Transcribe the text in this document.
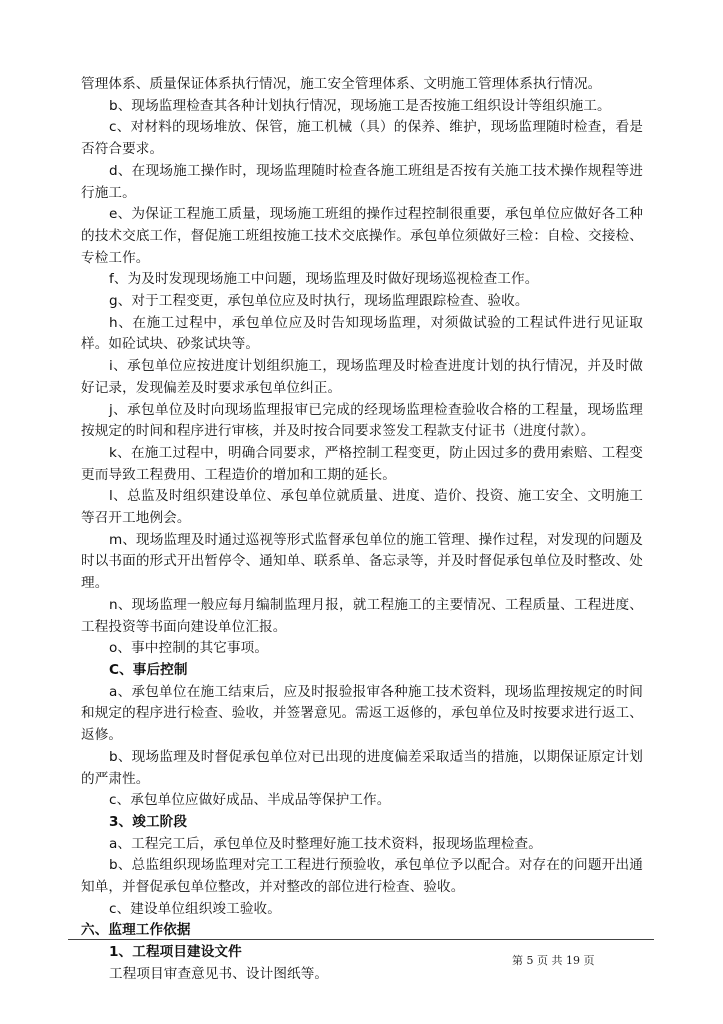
管理体系、质量保证体系执行情况，施工安全管理体系、文明施工管理体系执行情况。

b、现场监理检查其各种计划执行情况，现场施工是否按施工组织设计等组织施工。

c、对材料的现场堆放、保管，施工机械（具）的保养、维护，现场监理随时检查，看是否符合要求。

d、在现场施工操作时，现场监理随时检查各施工班组是否按有关施工技术操作规程等进行施工。

e、为保证工程施工质量，现场施工班组的操作过程控制很重要，承包单位应做好各工种的技术交底工作，督促施工班组按施工技术交底操作。承包单位须做好三检：自检、交接检、专检工作。

f、为及时发现现场施工中问题，现场监理及时做好现场巡视检查工作。

g、对于工程变更，承包单位应及时执行，现场监理跟踪检查、验收。

h、在施工过程中，承包单位应及时告知现场监理，对须做试验的工程试件进行见证取样。如砼试块、砂浆试块等。

i、承包单位应按进度计划组织施工，现场监理及时检查进度计划的执行情况，并及时做好记录，发现偏差及时要求承包单位纠正。

j、承包单位及时向现场监理报审已完成的经现场监理检查验收合格的工程量，现场监理按规定的时间和程序进行审核，并及时按合同要求签发工程款支付证书（进度付款）。

k、在施工过程中，明确合同要求，严格控制工程变更，防止因过多的费用索赔、工程变更而导致工程费用、工程造价的增加和工期的延长。

l、总监及时组织建设单位、承包单位就质量、进度、造价、投资、施工安全、文明施工等召开工地例会。

m、现场监理及时通过巡视等形式监督承包单位的施工管理、操作过程，对发现的问题及时以书面的形式开出暂停令、通知单、联系单、备忘录等，并及时督促承包单位及时整改、处理。

n、现场监理一般应每月编制监理月报，就工程施工的主要情况、工程质量、工程进度、工程投资等书面向建设单位汇报。

o、事中控制的其它事项。

C、事后控制

a、承包单位在施工结束后，应及时报验报审各种施工技术资料，现场监理按规定的时间和规定的程序进行检查、验收，并签署意见。需返工返修的，承包单位及时按要求进行返工、返修。

b、现场监理及时督促承包单位对已出现的进度偏差采取适当的措施，以期保证原定计划的严肃性。

c、承包单位应做好成品、半成品等保护工作。

3、竣工阶段

a、工程完工后，承包单位及时整理好施工技术资料，报现场监理检查。

b、总监组织现场监理对完工工程进行预验收，承包单位予以配合。对存在的问题开出通知单，并督促承包单位整改，并对整改的部位进行检查、验收。

c、建设单位组织竣工验收。

六、监理工作依据

1、工程项目建设文件

工程项目审查意见书、设计图纸等。

第 5 页 共 19 页
